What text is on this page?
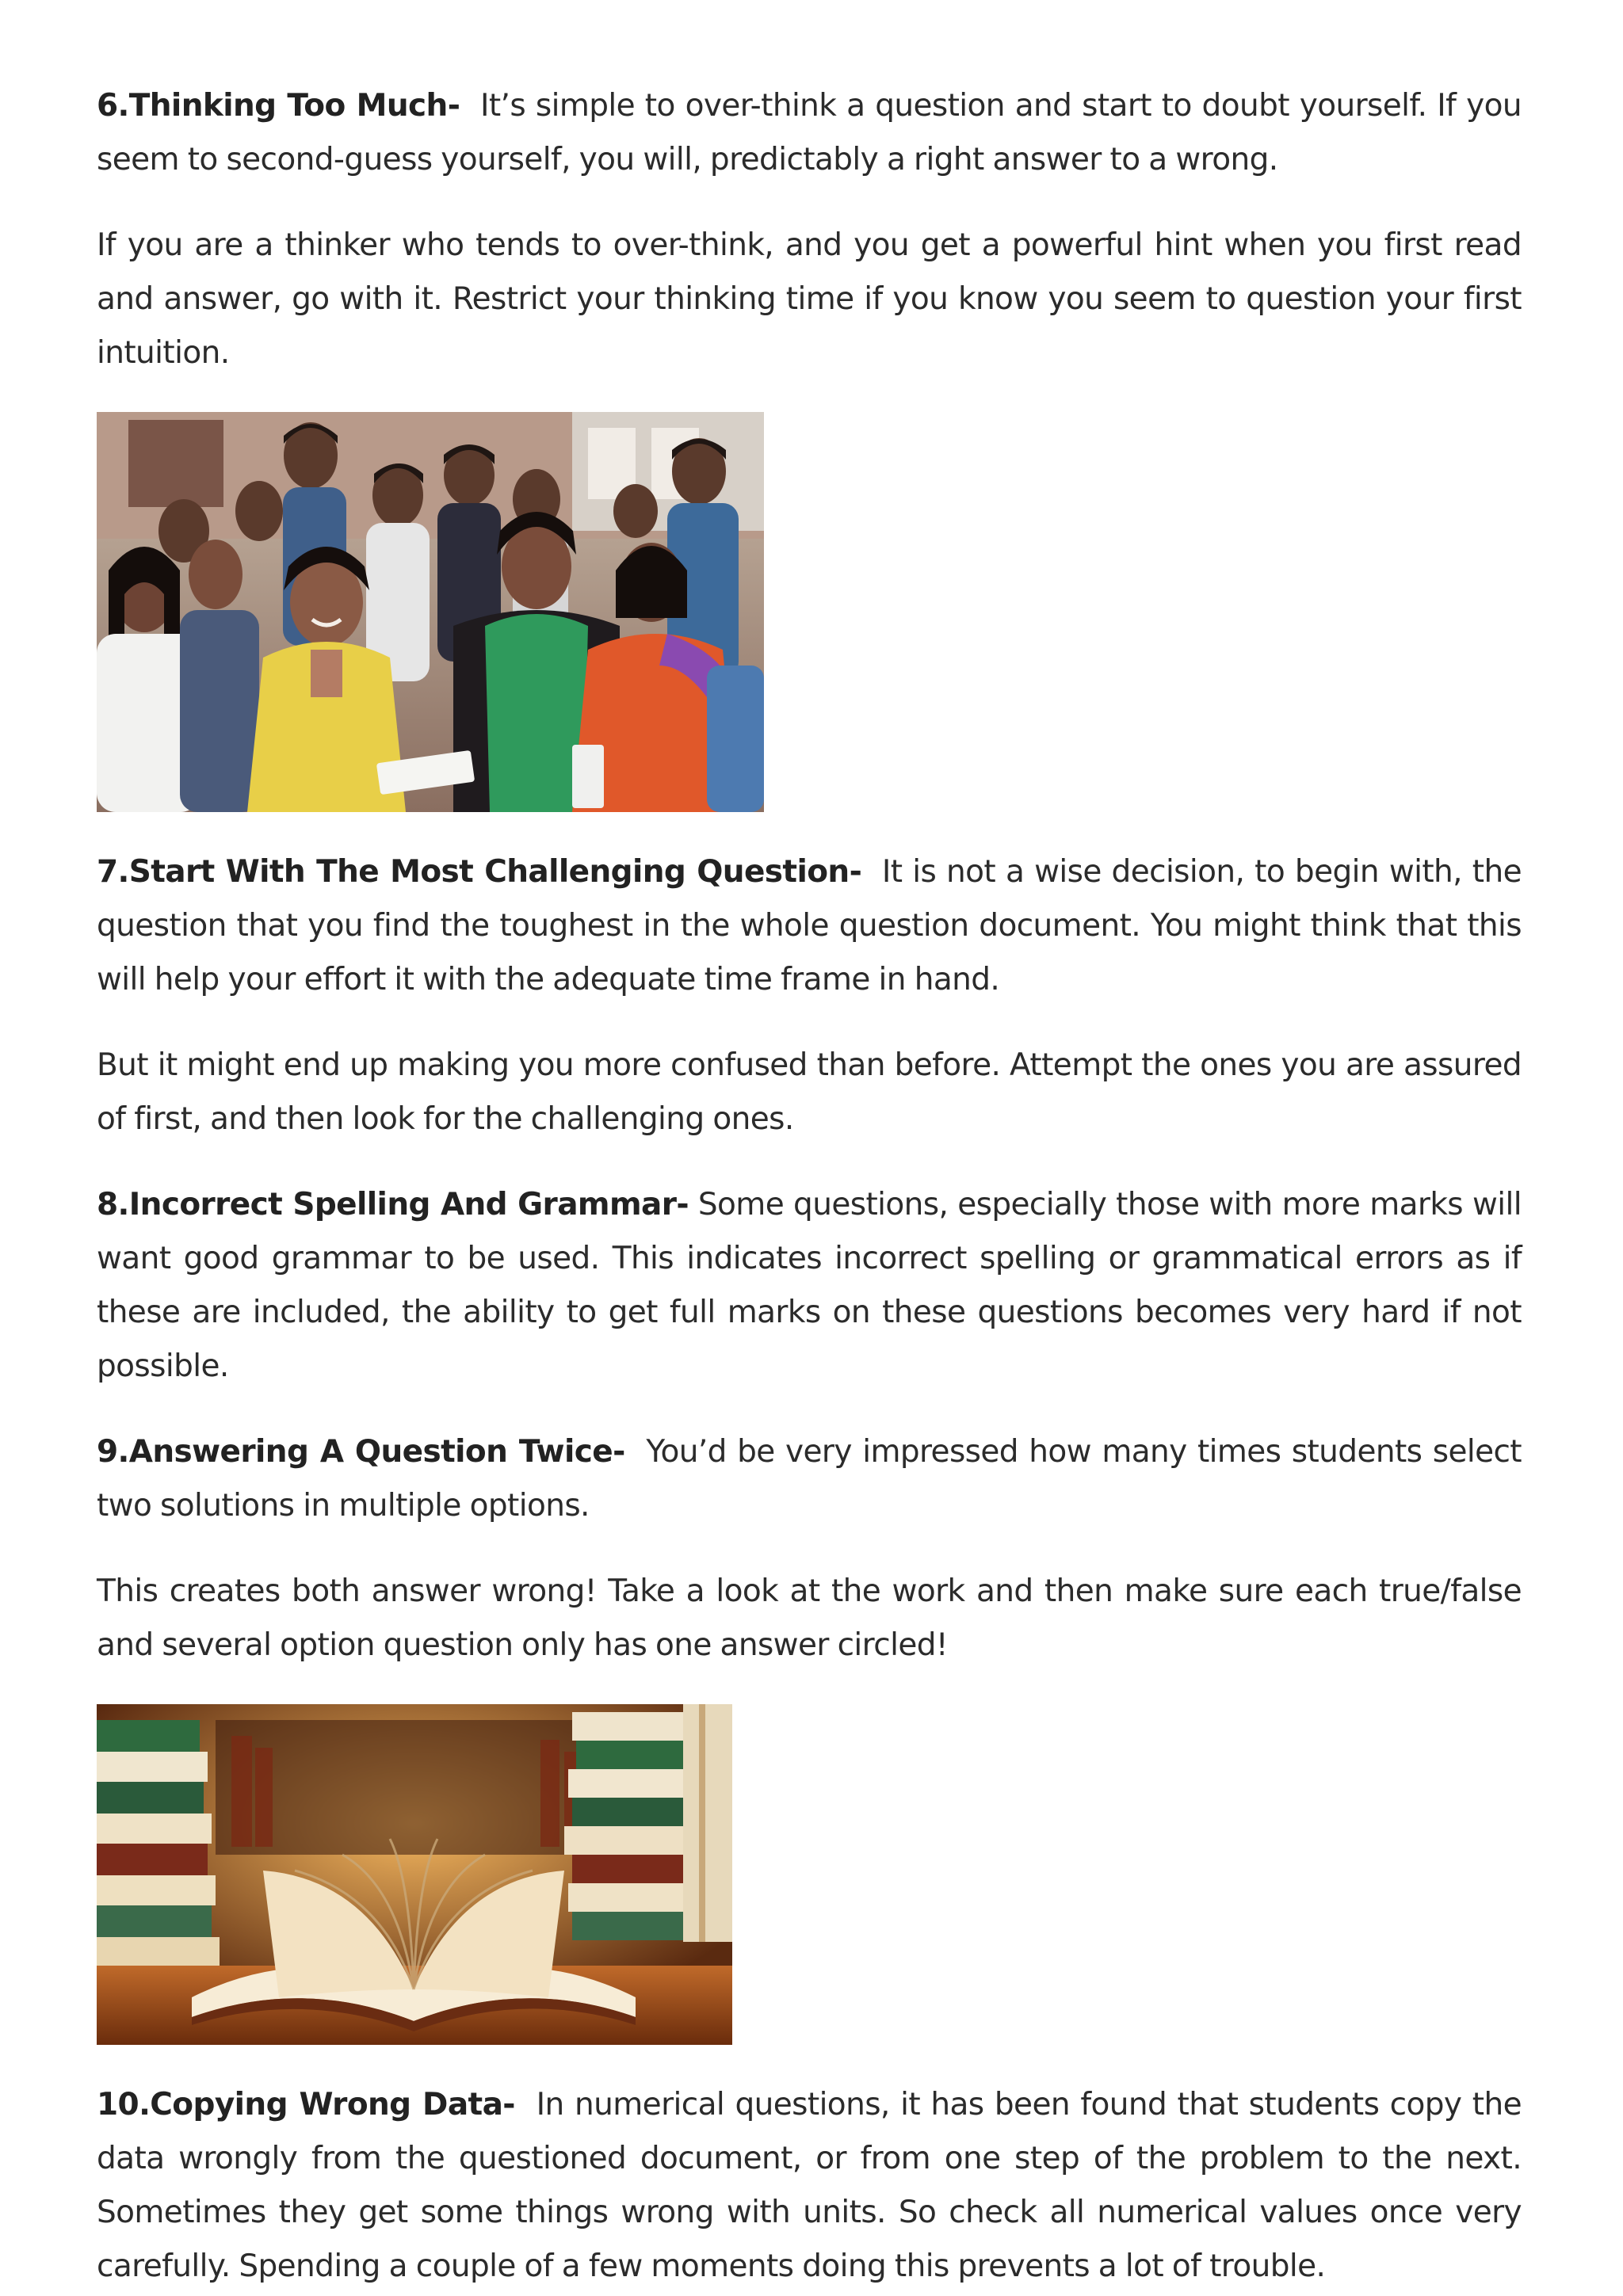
6.Thinking Too Much- It’s simple to over-think a question and start to doubt yourself. If you seem to second-guess yourself, you will, predictably a right answer to a wrong.

If you are a thinker who tends to over-think, and you get a powerful hint when you first read and answer, go with it. Restrict your thinking time if you know you seem to question your first intuition.

7.Start With The Most Challenging Question- It is not a wise decision, to begin with, the question that you find the toughest in the whole question document. You might think that this will help your effort it with the adequate time frame in hand.

But it might end up making you more confused than before. Attempt the ones you are assured of first, and then look for the challenging ones.

8.Incorrect Spelling And Grammar- Some questions, especially those with more marks will want good grammar to be used. This indicates incorrect spelling or grammatical errors as if these are included, the ability to get full marks on these questions becomes very hard if not possible.

9.Answering A Question Twice- You’d be very impressed how many times students select two solutions in multiple options.

This creates both answer wrong! Take a look at the work and then make sure each true/false and several option question only has one answer circled!

10.Copying Wrong Data- In numerical questions, it has been found that students copy the data wrongly from the questioned document, or from one step of the problem to the next. Sometimes they get some things wrong with units. So check all numerical values once very carefully. Spending a couple of a few moments doing this prevents a lot of trouble.
